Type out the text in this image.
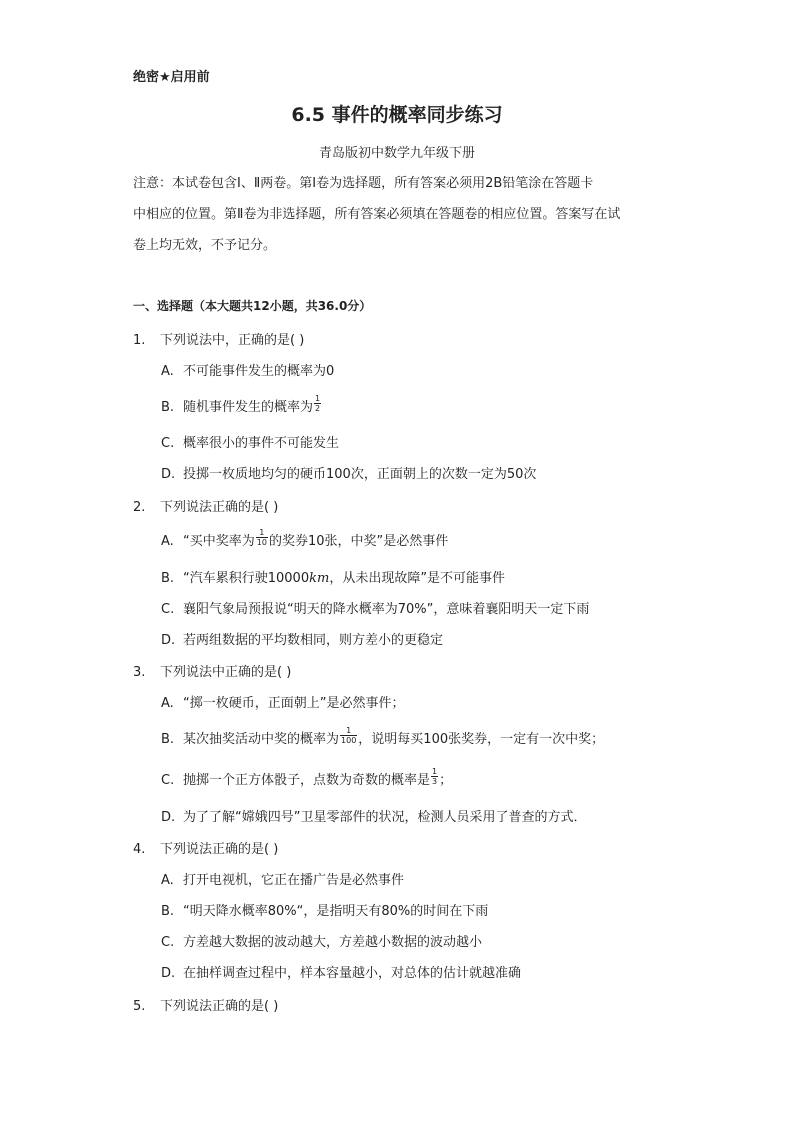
绝密★启用前
6.5 事件的概率同步练习
青岛版初中数学九年级下册
注意：本试卷包含Ⅰ、Ⅱ两卷。第Ⅰ卷为选择题，所有答案必须用2B铅笔涂在答题卡
中相应的位置。第Ⅱ卷为非选择题，所有答案必须填在答题卷的相应位置。答案写在试
卷上均无效，不予记分。
一、选择题（本大题共12小题，共36.0分）
1. 下列说法中，正确的是( )
A. 不可能事件发生的概率为0
B. 随机事件发生的概率为 $\frac{1}{2}$
C. 概率很小的事件不可能发生
D. 投掷一枚质地均匀的硬币100次，正面朝上的次数一定为50次
2. 下列说法正确的是( )
A. “买中奖率为 $\frac{1}{10}$ 的奖券10张，中奖”是必然事件
B. “汽车累积行驶10000km，从未出现故障”是不可能事件
C. 襄阳气象局预报说“明天的降水概率为70%”，意味着襄阳明天一定下雨
D. 若两组数据的平均数相同，则方差小的更稳定
3. 下列说法中正确的是( )
A. “掷一枚硬币，正面朝上”是必然事件；
B. 某次抽奖活动中奖的概率为 $\frac{1}{100}$ ，说明每买100张奖券，一定有一次中奖；
C. 抛掷一个正方体骰子，点数为奇数的概率是 $\frac{1}{3}$ ；
D. 为了了解“嫦娥四号”卫星零部件的状况，检测人员采用了普查的方式．
4. 下列说法正确的是( )
A. 打开电视机，它正在播广告是必然事件
B. “明天降水概率80%“，是指明天有80%的时间在下雨
C. 方差越大数据的波动越大，方差越小数据的波动越小
D. 在抽样调查过程中，样本容量越小，对总体的估计就越准确
5. 下列说法正确的是( )
